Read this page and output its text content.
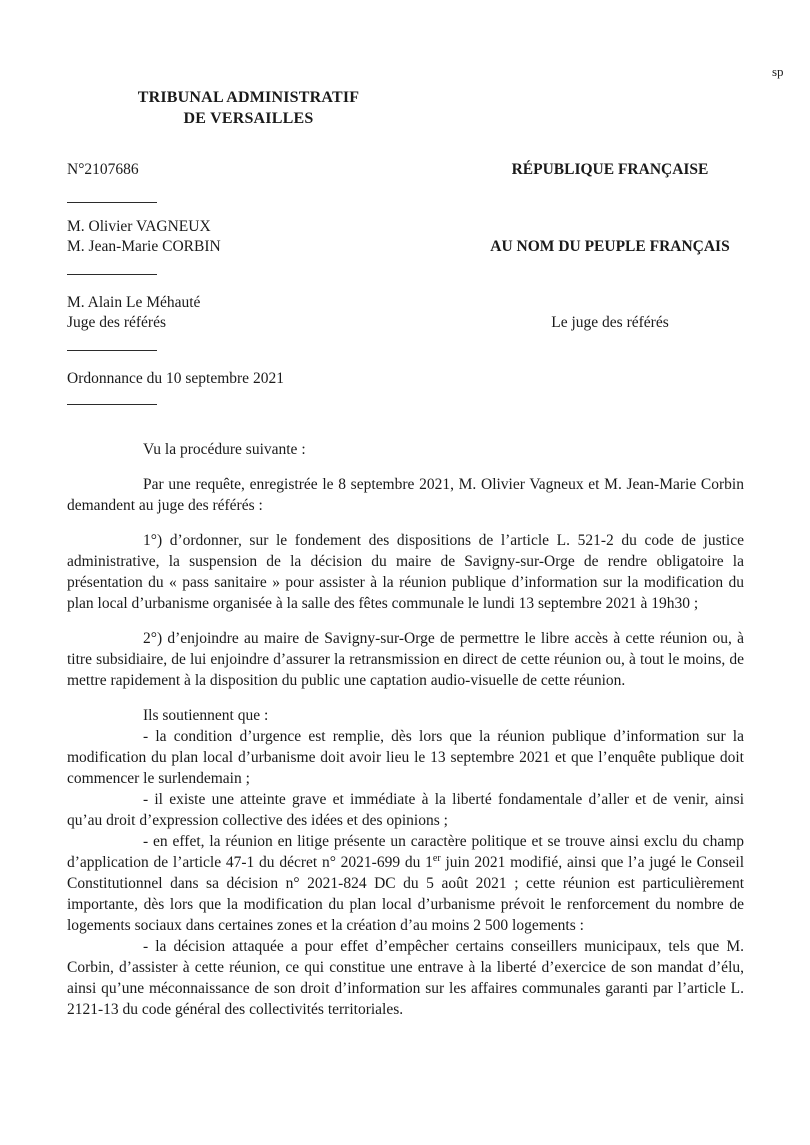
sp
TRIBUNAL ADMINISTRATIF
DE VERSAILLES
N°2107686	RÉPUBLIQUE FRANÇAISE
M. Olivier VAGNEUX
M. Jean-Marie CORBIN	AU NOM DU PEUPLE FRANÇAIS
M. Alain Le Méhauté
Juge des référés	Le juge des référés
Ordonnance du 10 septembre 2021

Vu la procédure suivante :

Par une requête, enregistrée le 8 septembre 2021, M. Olivier Vagneux et M. Jean-Marie Corbin demandent au juge des référés :

1°) d’ordonner, sur le fondement des dispositions de l’article L. 521-2 du code de justice administrative, la suspension de la décision du maire de Savigny-sur-Orge de rendre obligatoire la présentation du « pass sanitaire » pour assister à la réunion publique d’information sur la modification du plan local d’urbanisme organisée à la salle des fêtes communale le lundi 13 septembre 2021 à 19h30 ;

2°) d’enjoindre au maire de Savigny-sur-Orge de permettre le libre accès à cette réunion ou, à titre subsidiaire, de lui enjoindre d’assurer la retransmission en direct de cette réunion ou, à tout le moins, de mettre rapidement à la disposition du public une captation audio-visuelle de cette réunion.

Ils soutiennent que :

- la condition d’urgence est remplie, dès lors que la réunion publique d’information sur la modification du plan local d’urbanisme doit avoir lieu le 13 septembre 2021 et que l’enquête publique doit commencer le surlendemain ;

- il existe une atteinte grave et immédiate à la liberté fondamentale d’aller et de venir, ainsi qu’au droit d’expression collective des idées et des opinions ;

- en effet, la réunion en litige présente un caractère politique et se trouve ainsi exclu du champ d’application de l’article 47-1 du décret n° 2021-699 du 1er juin 2021 modifié, ainsi que l’a jugé le Conseil Constitutionnel dans sa décision n° 2021-824 DC du 5 août 2021 ; cette réunion est particulièrement importante, dès lors que la modification du plan local d’urbanisme prévoit le renforcement du nombre de logements sociaux dans certaines zones et la création d’au moins 2 500 logements :

- la décision attaquée a pour effet d’empêcher certains conseillers municipaux, tels que M. Corbin, d’assister à cette réunion, ce qui constitue une entrave à la liberté d’exercice de son mandat d’élu, ainsi qu’une méconnaissance de son droit d’information sur les affaires communales garanti par l’article L. 2121-13 du code général des collectivités territoriales.
